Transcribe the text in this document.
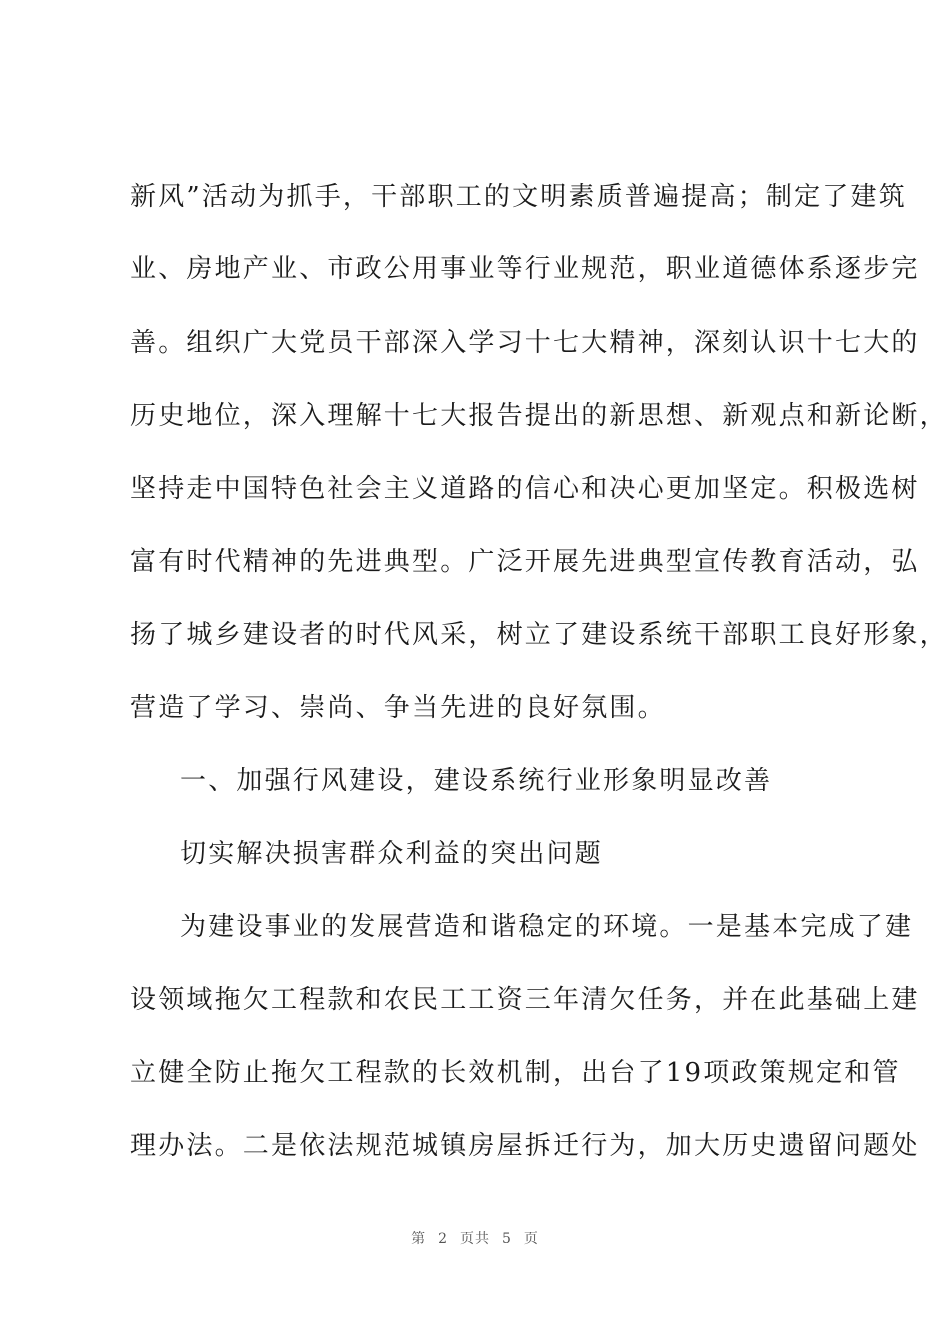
新风”活动为抓手，干部职工的文明素质普遍提高；制定了建筑
业、房地产业、市政公用事业等行业规范，职业道德体系逐步完
善。组织广大党员干部深入学习十七大精神，深刻认识十七大的
历史地位，深入理解十七大报告提出的新思想、新观点和新论断，
坚持走中国特色社会主义道路的信心和决心更加坚定。积极选树
富有时代精神的先进典型。广泛开展先进典型宣传教育活动，弘
扬了城乡建设者的时代风采，树立了建设系统干部职工良好形象，
营造了学习、崇尚、争当先进的良好氛围。
一、加强行风建设，建设系统行业形象明显改善
切实解决损害群众利益的突出问题
为建设事业的发展营造和谐稳定的环境。一是基本完成了建
设领域拖欠工程款和农民工工资三年清欠任务，并在此基础上建
立健全防止拖欠工程款的长效机制，出台了19项政策规定和管
理办法。二是依法规范城镇房屋拆迁行为，加大历史遗留问题处
第 2 页共 5 页
